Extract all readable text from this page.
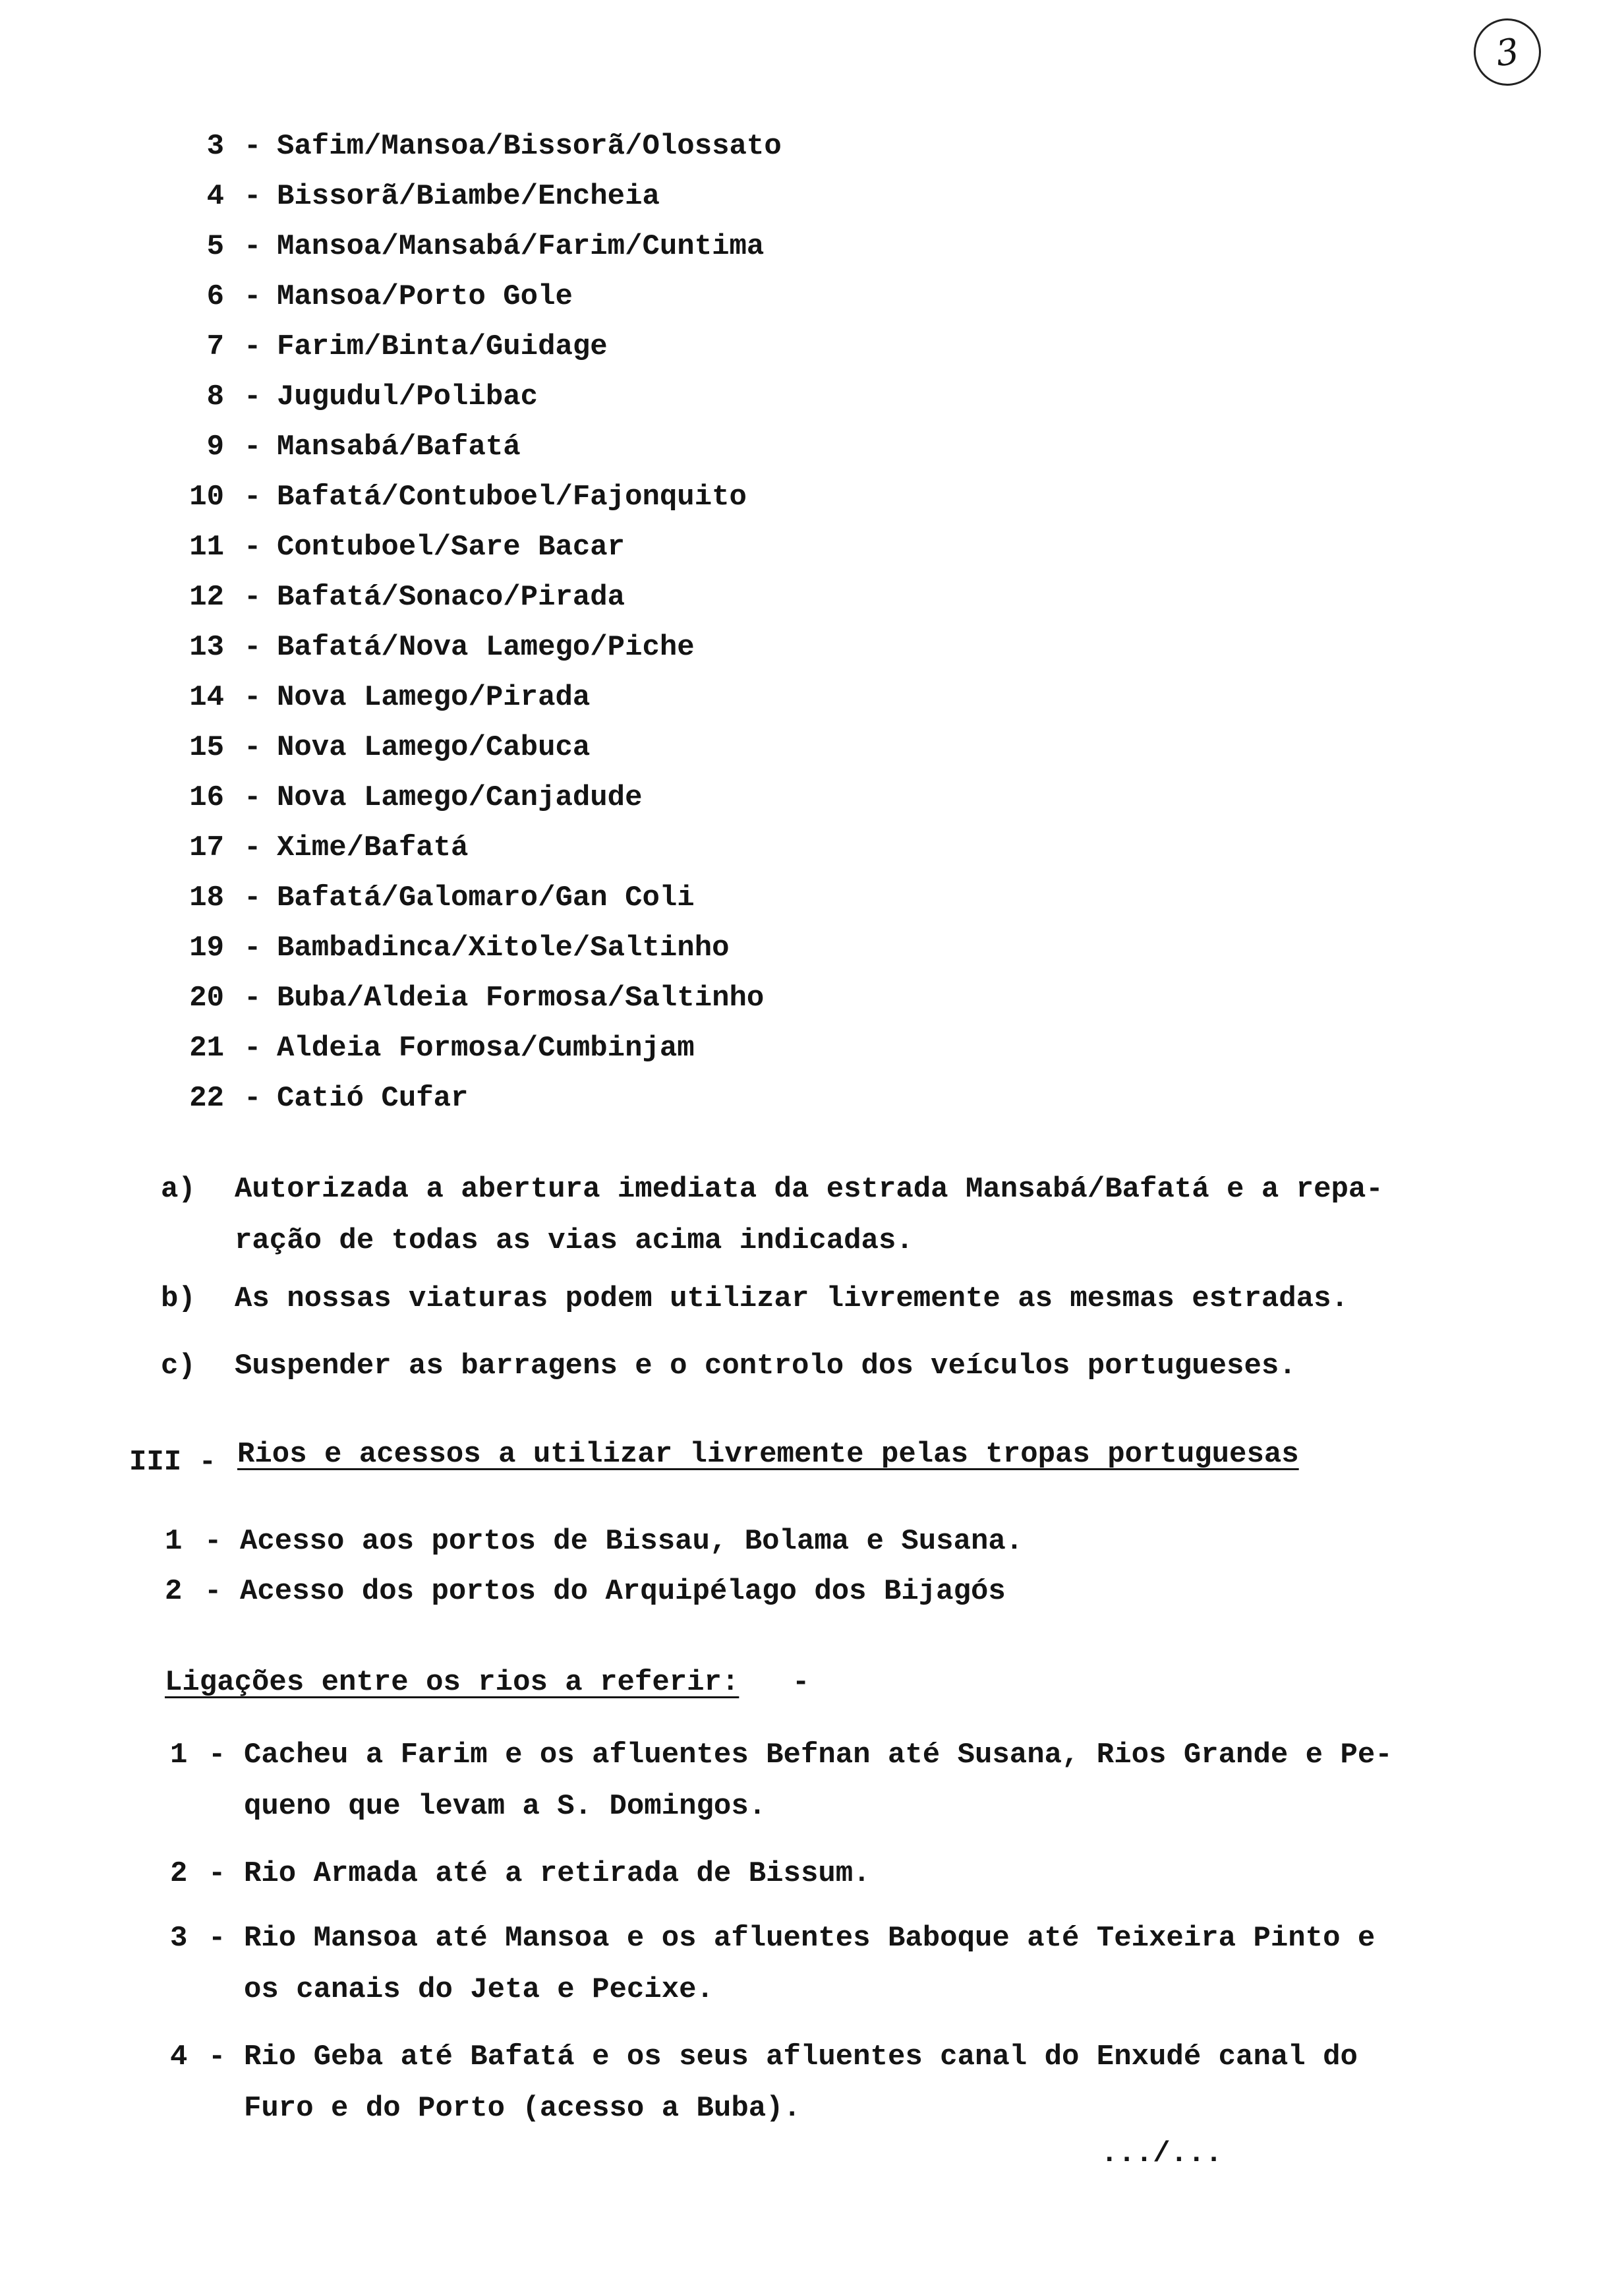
3
3 - Safim/Mansoa/Bissorã/Olossato
4 - Bissorã/Biambe/Encheia
5 - Mansoa/Mansabá/Farim/Cuntima
6 - Mansoa/Porto Gole
7 - Farim/Binta/Guidage
8 - Jugudul/Polibac
9 - Mansabá/Bafatá
10 - Bafatá/Contuboel/Fajonquito
11 - Contuboel/Sare Bacar
12 - Bafatá/Sonaco/Pirada
13 - Bafatá/Nova Lamego/Piche
14 - Nova Lamego/Pirada
15 - Nova Lamego/Cabuca
16 - Nova Lamego/Canjadude
17 - Xime/Bafatá
18 - Bafatá/Galomaro/Gan Coli
19 - Bambadinca/Xitole/Saltinho
20 - Buba/Aldeia Formosa/Saltinho
21 - Aldeia Formosa/Cumbinjam
22 - Catió Cufar
a) Autorizada a abertura imediata da estrada Mansabá/Bafatá e a repa-
ração de todas as vias acima indicadas.
b) As nossas viaturas podem utilizar livremente as mesmas estradas.
c) Suspender as barragens e o controlo dos veículos portugueses.
III - Rios e acessos a utilizar livremente pelas tropas portuguesas
1 - Acesso aos portos de Bissau, Bolama e Susana.
2 - Acesso dos portos do Arquipélago dos Bijagós
Ligações entre os rios a referir: -
1 - Cacheu a Farim e os afluentes Befnan até Susana, Rios Grande e Pe-
queno que levam a S. Domingos.
2 - Rio Armada até a retirada de Bissum.
3 - Rio Mansoa até Mansoa e os afluentes Baboque até Teixeira Pinto e
os canais do Jeta e Pecixe.
4 - Rio Geba até Bafatá e os seus afluentes canal do Enxudé canal do
Furo e do Porto (acesso a Buba).
.../...
